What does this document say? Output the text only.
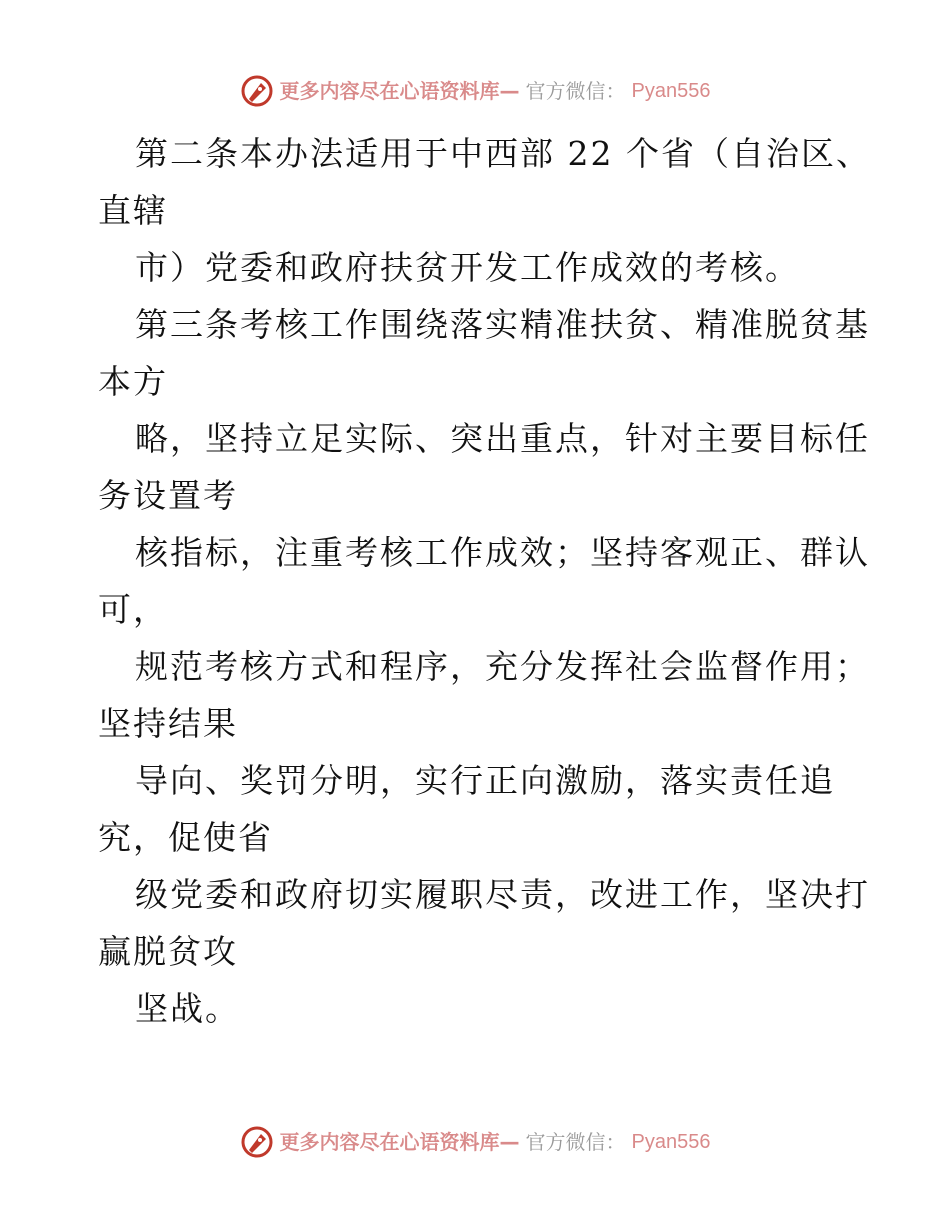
更多内容尽在心语资料库— 官方微信： Pyan556
第二条本办法适用于中西部 22 个省（自治区、
直辖
市）党委和政府扶贫开发工作成效的考核。
第三条考核工作围绕落实精准扶贫、精准脱贫基
本方
略，坚持立足实际、突出重点，针对主要目标任
务设置考
核指标，注重考核工作成效；坚持客观正、群认
可，
规范考核方式和程序，充分发挥社会监督作用；
坚持结果
导向、奖罚分明，实行正向激励，落实责任追
究，促使省
级党委和政府切实履职尽责，改进工作，坚决打
赢脱贫攻
坚战。
更多内容尽在心语资料库— 官方微信： Pyan556
